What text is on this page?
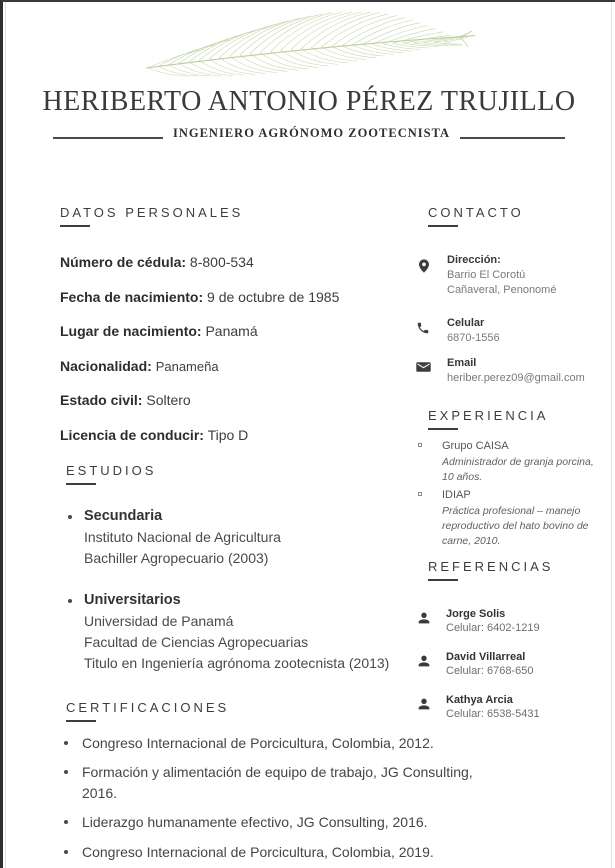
HERIBERTO ANTONIO PÉREZ TRUJILLO
INGENIERO AGRÓNOMO ZOOTECNISTA
DATOS PERSONALES
Número de cédula: 8-800-534
Fecha de nacimiento: 9 de octubre de 1985
Lugar de nacimiento: Panamá
Nacionalidad: Panameña
Estado civil: Soltero
Licencia de conducir: Tipo D
ESTUDIOS
Secundaria
Instituto Nacional de Agricultura
Bachiller Agropecuario (2003)
Universitarios
Universidad de Panamá
Facultad de Ciencias Agropecuarias
Titulo en Ingeniería agrónoma zootecnista (2013)
CERTIFICACIONES
Congreso Internacional de Porcicultura, Colombia, 2012.
Formación y alimentación de equipo de trabajo, JG Consulting, 2016.
Liderazgo humanamente efectivo, JG Consulting, 2016.
Congreso Internacional de Porcicultura, Colombia, 2019.
CONTACTO
Dirección:
Barrio El Corotú
Cañaveral, Penonomé
Celular
6870-1556
Email
heriber.perez09@gmail.com
EXPERIENCIA
Grupo CAISA
Administrador de granja porcina, 10 años.
IDIAP
Práctica profesional – manejo reproductivo del hato bovino de carne, 2010.
REFERENCIAS
Jorge Solis
Celular: 6402-1219
David Villarreal
Celular: 6768-650
Kathya Arcia
Celular: 6538-5431
